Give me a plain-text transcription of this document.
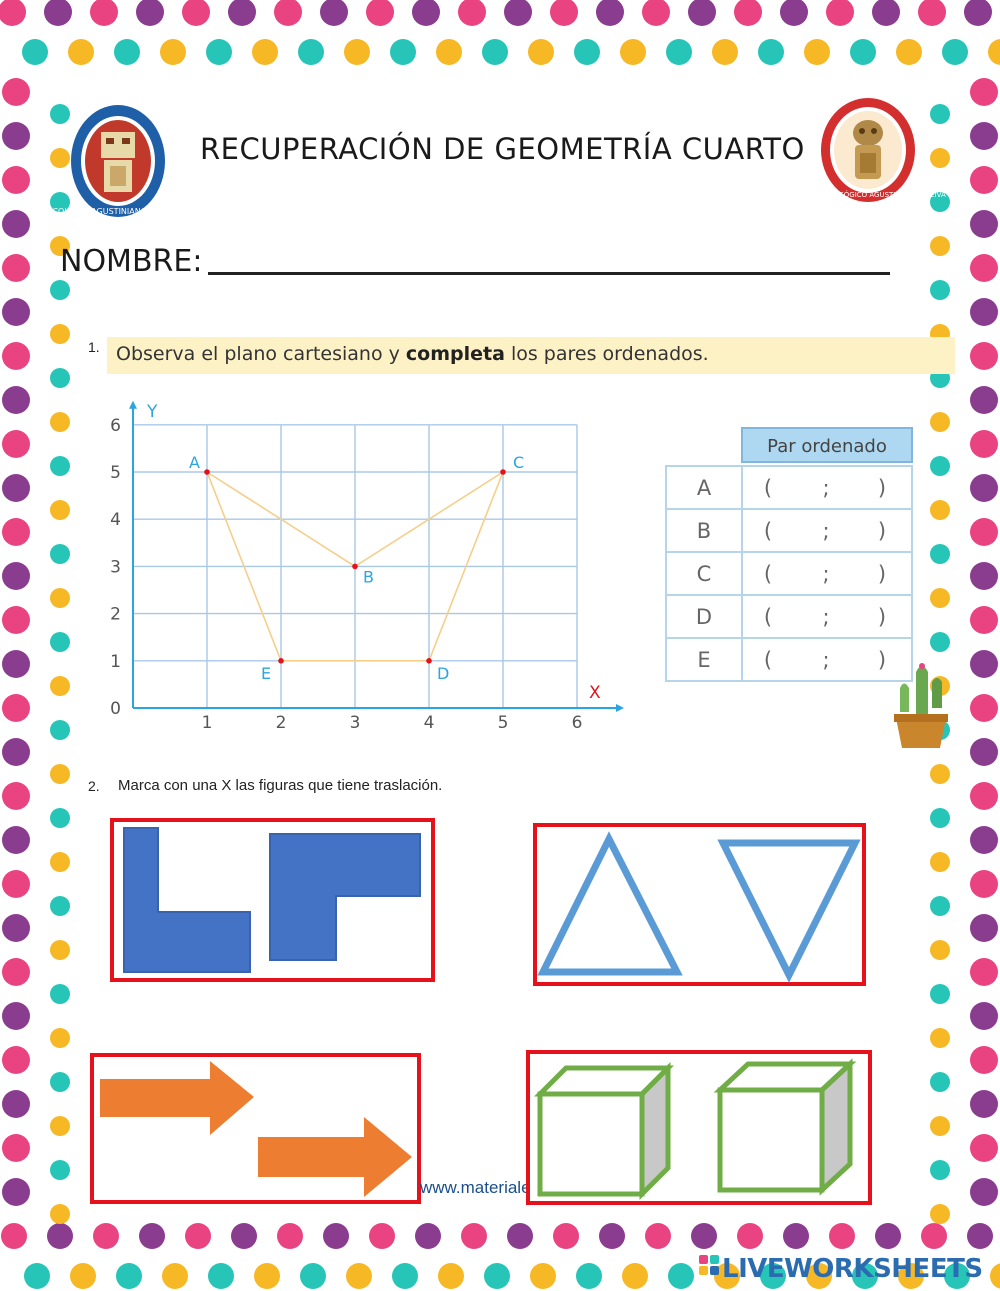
COLEGIO AGUSTINIANO · NEIVA ·
COLEGIO PEDAGÓGICO AGUSTINIANO · NEIVA ·
RECUPERACIÓN DE GEOMETRÍA CUARTO
NOMBRE:
1. Observa el plano cartesiano y completa los pares ordenados.
Y
X
1	2	3	4	5	6
0
1
2
3
4
5
6
A
B
C
D
E
Par ordenado
A	( ; )
B	( ; )
C	( ; )
D ( ; )
E	( ; )
2. Marca con una X las figuras que tiene traslación.
www.materiale
LIVEWORKSHEETS
